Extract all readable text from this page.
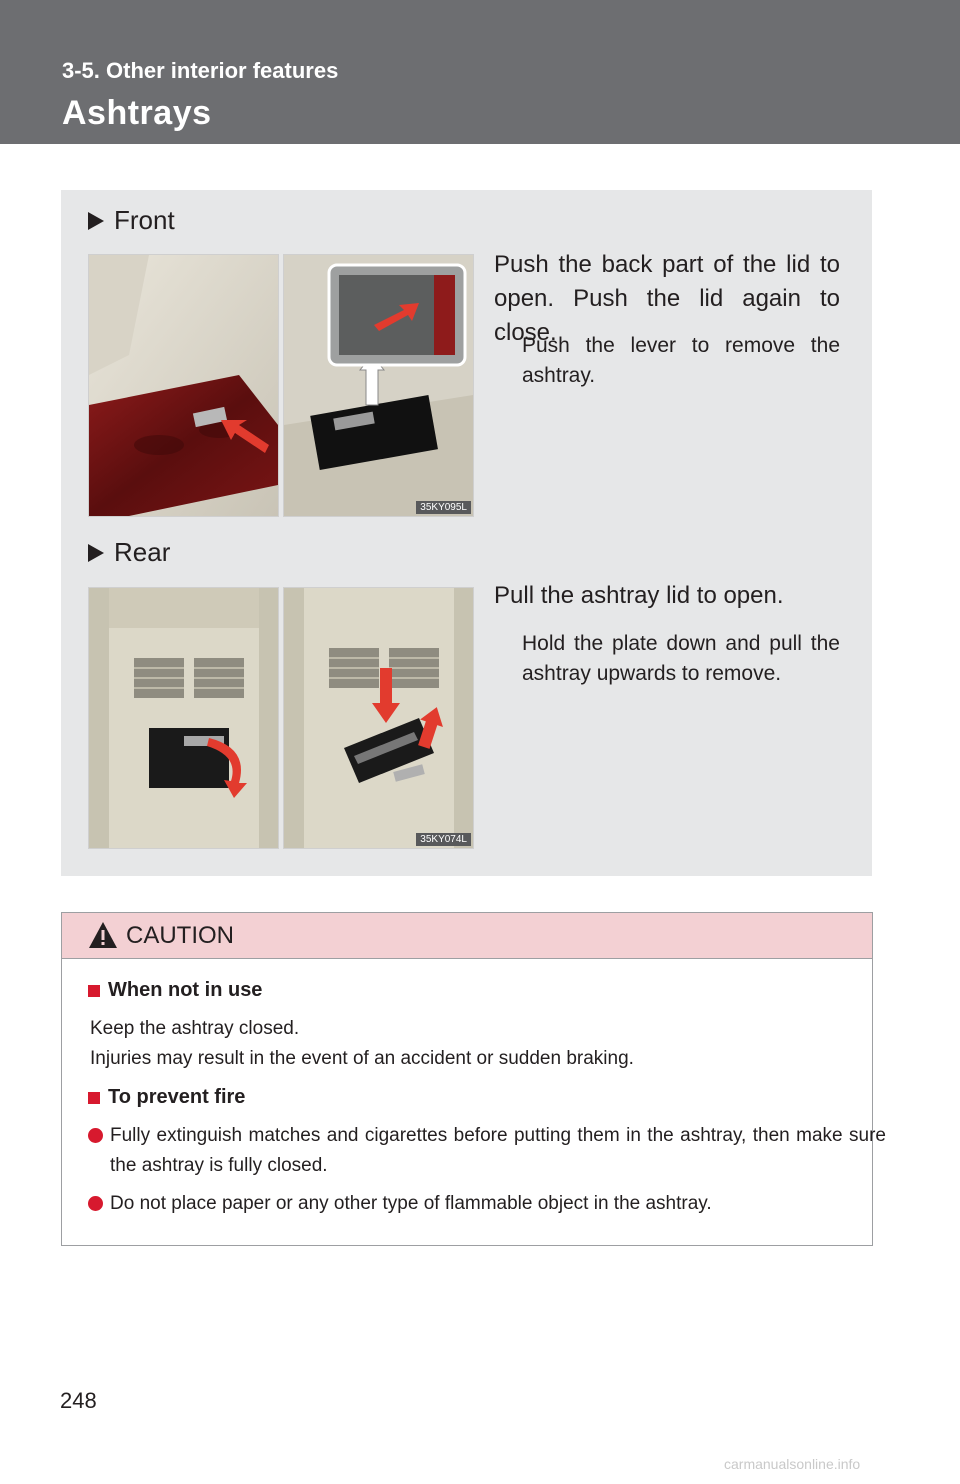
3-5. Other interior features
Ashtrays
Front
35KY095L
Push the back part of the lid to open. Push the lid again to close.
Push the lever to remove the ashtray.
Rear
35KY074L
Pull the ashtray lid to open.
Hold the plate down and pull the ashtray upwards to remove.
CAUTION
When not in use
Keep the ashtray closed.
Injuries may result in the event of an accident or sudden braking.
To prevent fire
Fully extinguish matches and cigarettes before putting them in the ashtray, then make sure the ashtray is fully closed.
Do not place paper or any other type of flammable object in the ashtray.
248
carmanualsonline.info
